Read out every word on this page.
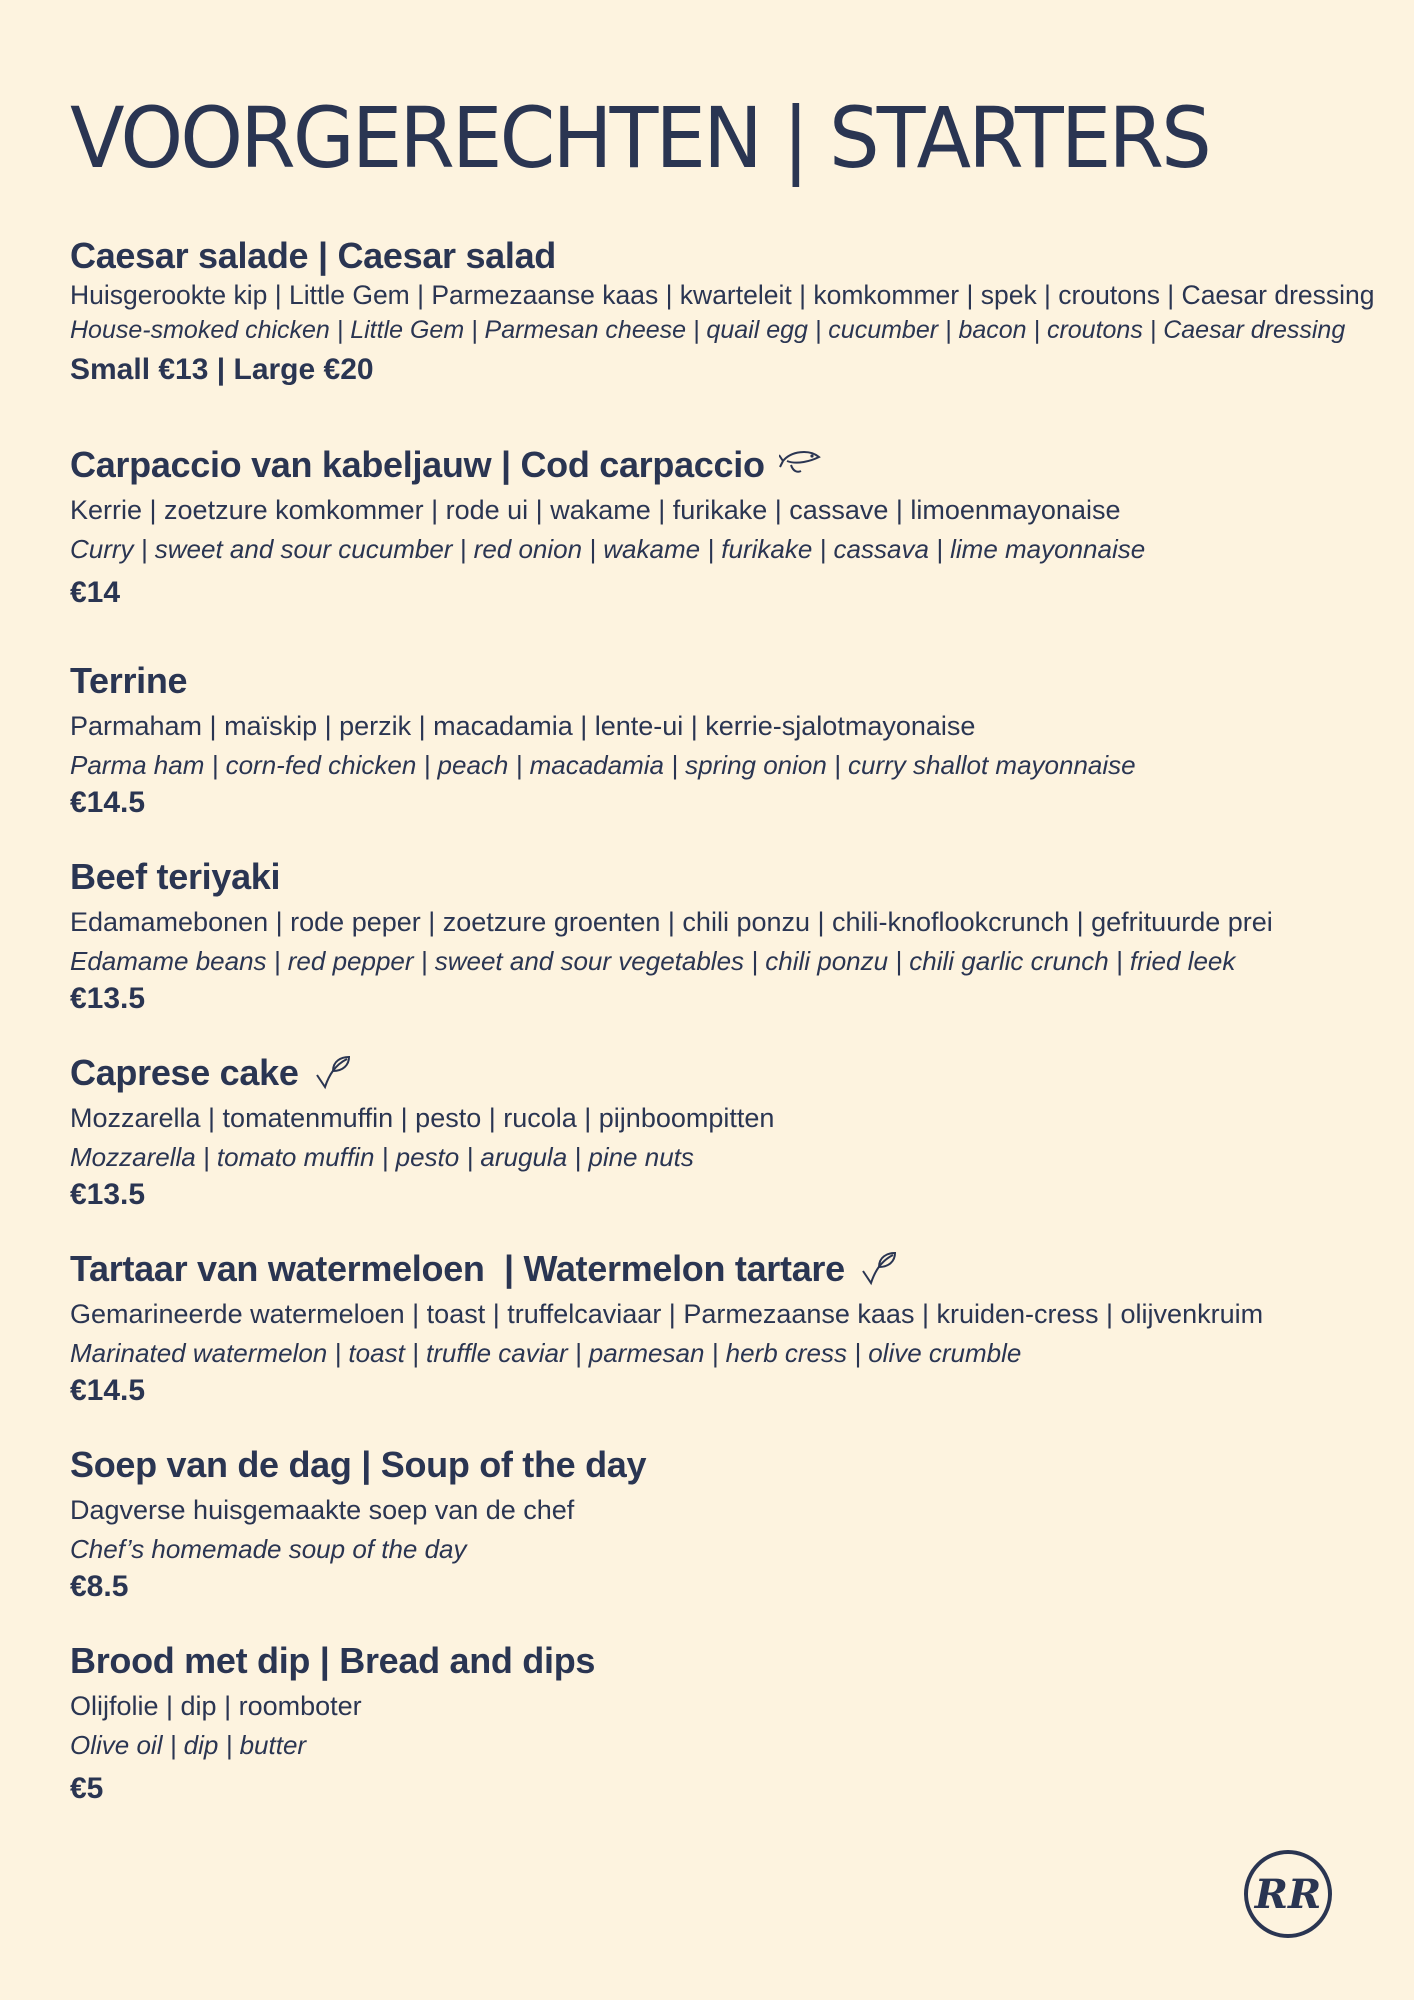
VOORGERECHTEN | STARTERS
Caesar salade | Caesar salad
Huisgerookte kip | Little Gem | Parmezaanse kaas | kwarteleit | komkommer | spek | croutons | Caesar dressing
House-smoked chicken | Little Gem | Parmesan cheese | quail egg | cucumber | bacon | croutons | Caesar dressing
Small €13 | Large €20
Carpaccio van kabeljauw | Cod carpaccio
Kerrie | zoetzure komkommer | rode ui | wakame | furikake | cassave | limoenmayonaise
Curry | sweet and sour cucumber | red onion | wakame | furikake | cassava | lime mayonnaise
€14
Terrine
Parmaham | maïskip | perzik | macadamia | lente-ui | kerrie-sjalotmayonaise
Parma ham | corn-fed chicken | peach | macadamia | spring onion | curry shallot mayonnaise
€14.5
Beef teriyaki
Edamamebonen | rode peper | zoetzure groenten | chili ponzu | chili-knoflookcrunch | gefrituurde prei
Edamame beans | red pepper | sweet and sour vegetables | chili ponzu | chili garlic crunch | fried leek
€13.5
Caprese cake
Mozzarella | tomatenmuffin | pesto | rucola | pijnboompitten
Mozzarella | tomato muffin | pesto | arugula | pine nuts
€13.5
Tartaar van watermeloen  | Watermelon tartare
Gemarineerde watermeloen | toast | truffelcaviaar | Parmezaanse kaas | kruiden-cress | olijvenkruim
Marinated watermelon | toast | truffle caviar | parmesan | herb cress | olive crumble
€14.5
Soep van de dag | Soup of the day
Dagverse huisgemaakte soep van de chef
Chef’s homemade soup of the day
€8.5
Brood met dip | Bread and dips
Olijfolie | dip | roomboter
Olive oil | dip | butter
€5
RR
